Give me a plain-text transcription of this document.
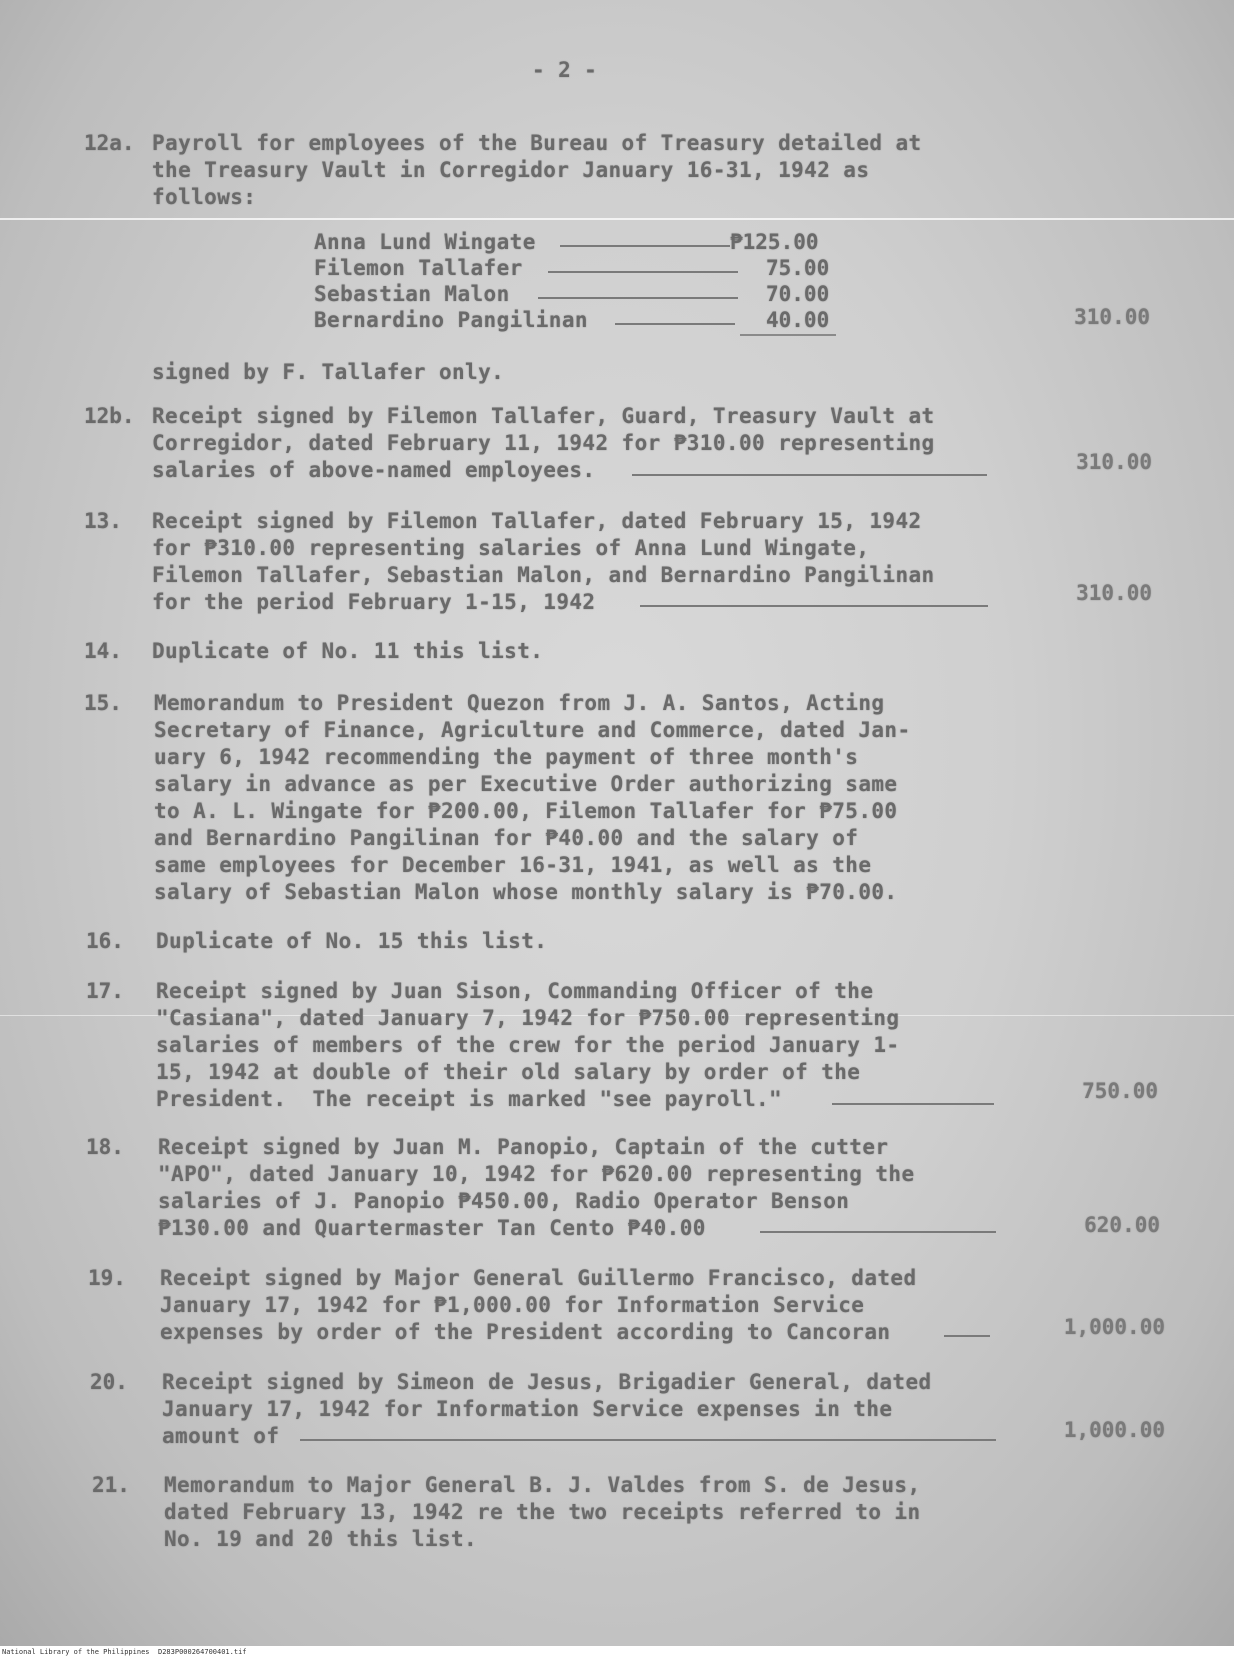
- 2 -
12a. Payroll for employees of the Bureau of Treasury detailed at
the Treasury Vault in Corregidor January 16-31, 1942 as
follows:
Anna Lund Wingate	₱125.00
Filemon Tallafer	75.00
Sebastian Malon	70.00
Bernardino Pangilinan	40.00	310.00
signed by F. Tallafer only.
12b. Receipt signed by Filemon Tallafer, Guard, Treasury Vault at
Corregidor, dated February 11, 1942 for ₱310.00 representing
salaries of above-named employees.	310.00
13. Receipt signed by Filemon Tallafer, dated February 15, 1942
for ₱310.00 representing salaries of Anna Lund Wingate,
Filemon Tallafer, Sebastian Malon, and Bernardino Pangilinan
for the period February 1-15, 1942	310.00
14. Duplicate of No. 11 this list.
15. Memorandum to President Quezon from J. A. Santos, Acting
Secretary of Finance, Agriculture and Commerce, dated Jan-
uary 6, 1942 recommending the payment of three month's
salary in advance as per Executive Order authorizing same
to A. L. Wingate for ₱200.00, Filemon Tallafer for ₱75.00
and Bernardino Pangilinan for ₱40.00 and the salary of
same employees for December 16-31, 1941, as well as the
salary of Sebastian Malon whose monthly salary is ₱70.00.
16. Duplicate of No. 15 this list.
17. Receipt signed by Juan Sison, Commanding Officer of the
"Casiana", dated January 7, 1942 for ₱750.00 representing
salaries of members of the crew for the period January 1-
15, 1942 at double of their old salary by order of the
President.  The receipt is marked "see payroll."	750.00
18. Receipt signed by Juan M. Panopio, Captain of the cutter
"APO", dated January 10, 1942 for ₱620.00 representing the
salaries of J. Panopio ₱450.00, Radio Operator Benson
₱130.00 and Quartermaster Tan Cento ₱40.00	620.00
19. Receipt signed by Major General Guillermo Francisco, dated
January 17, 1942 for ₱1,000.00 for Information Service
expenses by order of the President according to Cancoran	1,000.00
20. Receipt signed by Simeon de Jesus, Brigadier General, dated
January 17, 1942 for Information Service expenses in the
amount of	1,000.00
21. Memorandum to Major General B. J. Valdes from S. de Jesus,
dated February 13, 1942 re the two receipts referred to in
No. 19 and 20 this list.
National Library of the Philippines D283P000264700401.tif
